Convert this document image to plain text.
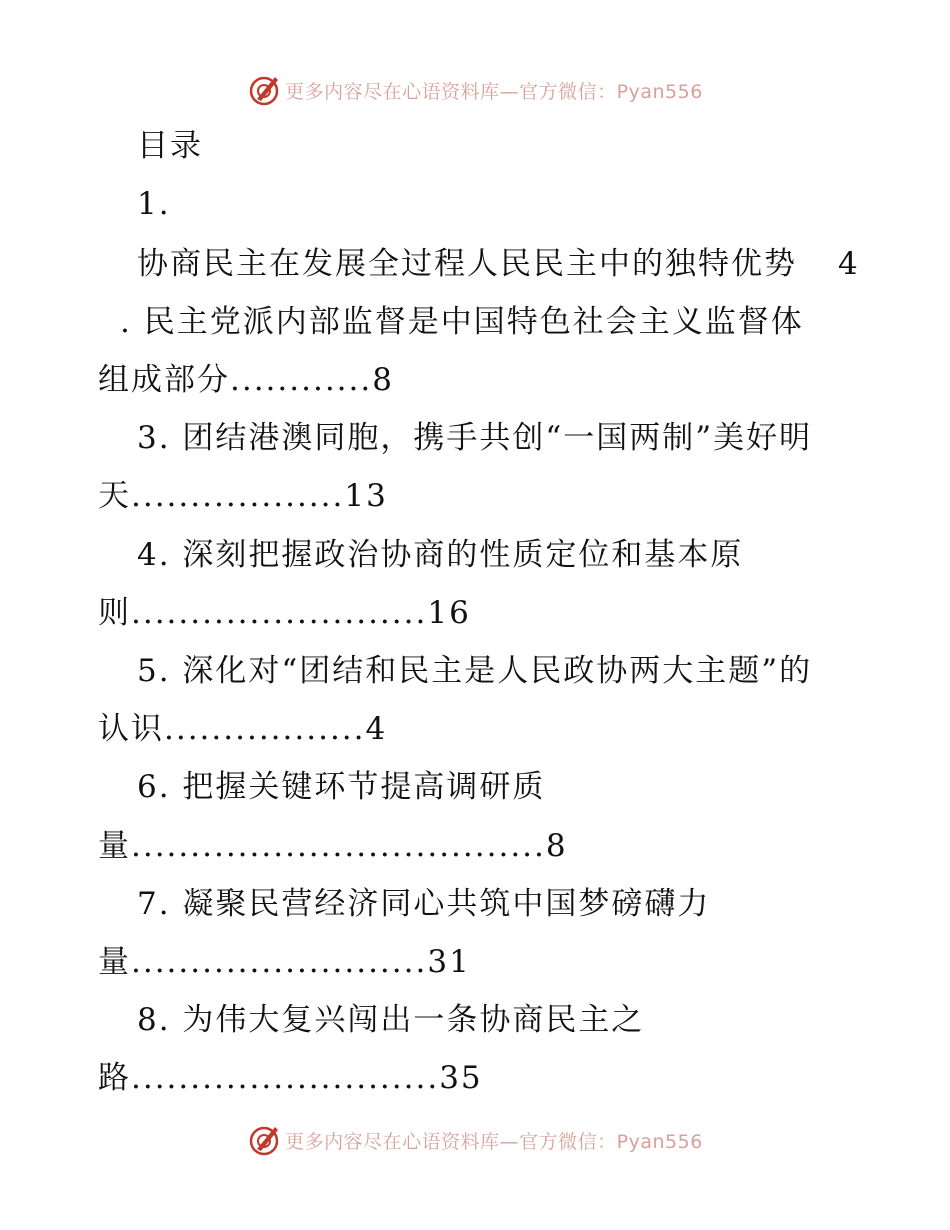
更多内容尽在心语资料库—官方微信：Pyan556
目录
1.
协商民主在发展全过程人民民主中的独特优势 4
. 民主党派内部监督是中国特色社会主义监督体
组成部分............8
3. 团结港澳同胞，携手共创“一国两制”美好明
天..................13
4. 深刻把握政治协商的性质定位和基本原
则.........................16
5. 深化对“团结和民主是人民政协两大主题”的
认识.................4
6. 把握关键环节提高调研质
量...................................8
7. 凝聚民营经济同心共筑中国梦磅礴力
量.........................31
8. 为伟大复兴闯出一条协商民主之
路..........................35
更多内容尽在心语资料库—官方微信：Pyan556
